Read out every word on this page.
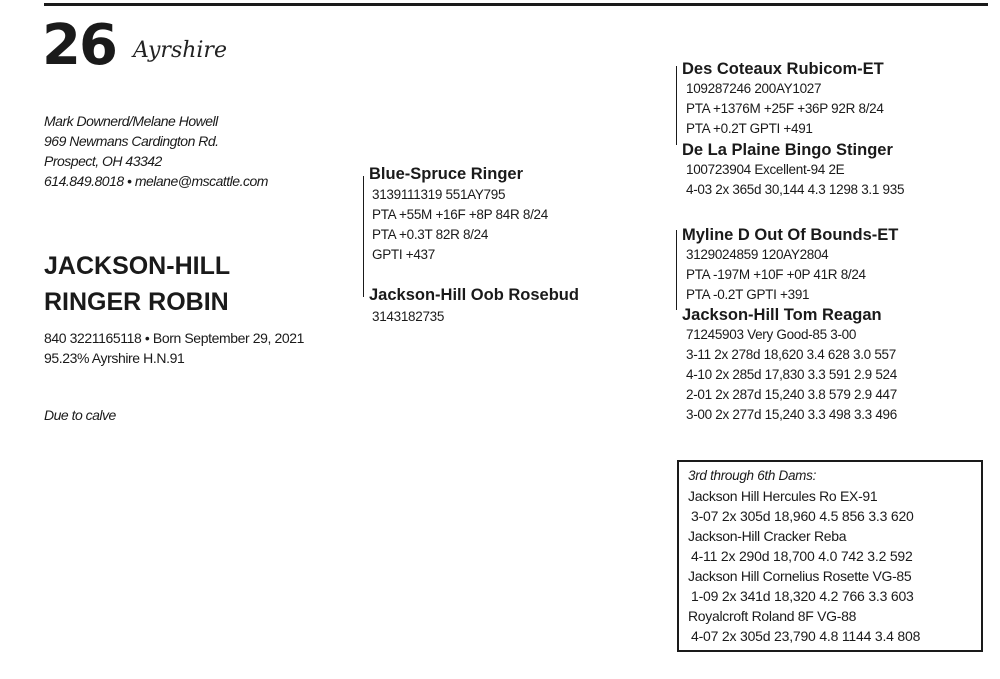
26 Ayrshire
Mark Downerd/Melane Howell
969 Newmans Cardington Rd.
Prospect, OH 43342
614.849.8018 • melane@mscattle.com
JACKSON-HILL
RINGER ROBIN
840 3221165118 • Born September 29, 2021
95.23% Ayrshire H.N.91
Due to calve
Blue-Spruce Ringer
3139111319 551AY795
PTA +55M +16F +8P 84R 8/24
PTA +0.3T 82R 8/24
GPTI +437
Jackson-Hill Oob Rosebud
3143182735
Des Coteaux Rubicom-ET
109287246 200AY1027
PTA +1376M +25F +36P 92R 8/24
PTA +0.2T GPTI +491
De La Plaine Bingo Stinger
100723904 Excellent-94 2E
4-03 2x 365d 30,144 4.3 1298 3.1 935
Myline D Out Of Bounds-ET
3129024859 120AY2804
PTA -197M +10F +0P 41R 8/24
PTA -0.2T GPTI +391
Jackson-Hill Tom Reagan
71245903 Very Good-85 3-00
3-11 2x 278d 18,620 3.4 628 3.0 557
4-10 2x 285d 17,830 3.3 591 2.9 524
2-01 2x 287d 15,240 3.8 579 2.9 447
3-00 2x 277d 15,240 3.3 498 3.3 496
3rd through 6th Dams:
Jackson Hill Hercules Ro EX-91
3-07 2x 305d 18,960 4.5 856 3.3 620
Jackson-Hill Cracker Reba
4-11 2x 290d 18,700 4.0 742 3.2 592
Jackson Hill Cornelius Rosette VG-85
1-09 2x 341d 18,320 4.2 766 3.3 603
Royalcroft Roland 8F VG-88
4-07 2x 305d 23,790 4.8 1144 3.4 808
